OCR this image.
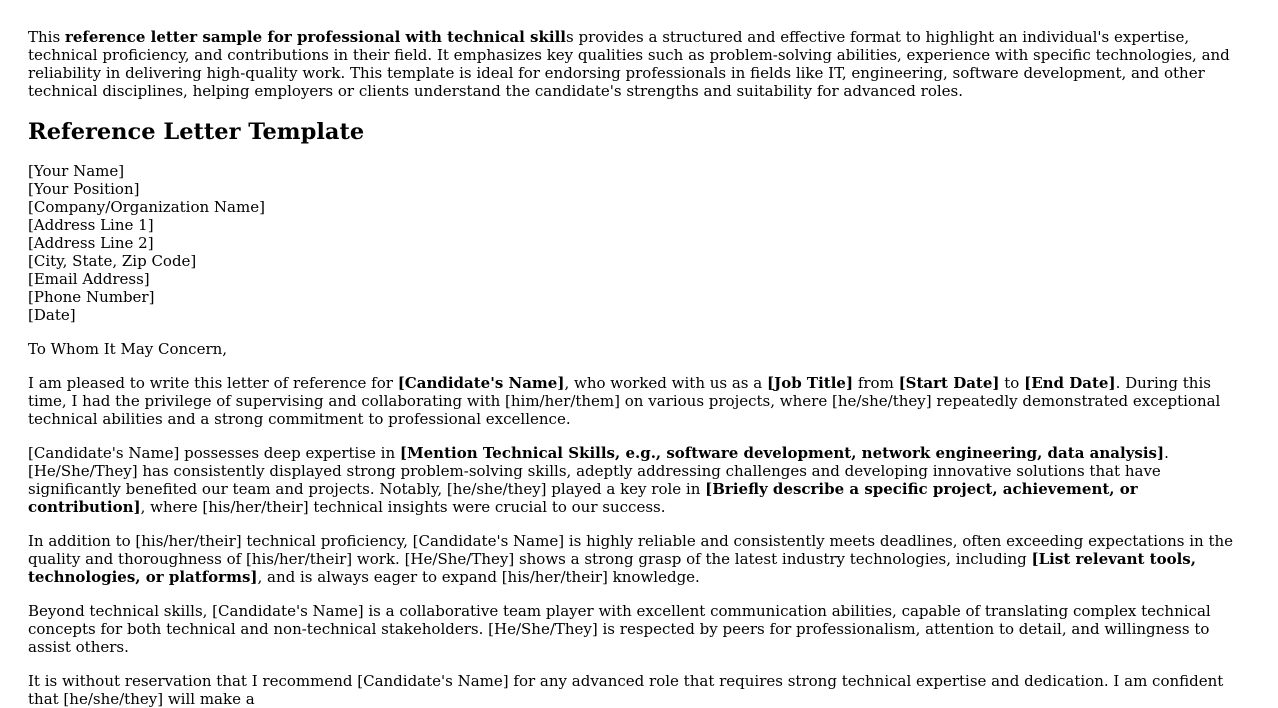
This reference letter sample for professional with technical skills provides a structured and effective format to highlight an individual's expertise, technical proficiency, and contributions in their field. It emphasizes key qualities such as problem-solving abilities, experience with specific technologies, and reliability in delivering high-quality work. This template is ideal for endorsing professionals in fields like IT, engineering, software development, and other technical disciplines, helping employers or clients understand the candidate's strengths and suitability for advanced roles.

Reference Letter Template
[Your Name]
[Your Position]
[Company/Organization Name]
[Address Line 1]
[Address Line 2]
[City, State, Zip Code]
[Email Address]
[Phone Number]
[Date]

To Whom It May Concern,

I am pleased to write this letter of reference for [Candidate's Name], who worked with us as a [Job Title] from [Start Date] to [End Date]. During this time, I had the privilege of supervising and collaborating with [him/her/them] on various projects, where [he/she/they] repeatedly demonstrated exceptional technical abilities and a strong commitment to professional excellence.

[Candidate's Name] possesses deep expertise in [Mention Technical Skills, e.g., software development, network engineering, data analysis]. [He/She/They] has consistently displayed strong problem-solving skills, adeptly addressing challenges and developing innovative solutions that have significantly benefited our team and projects. Notably, [he/she/they] played a key role in [Briefly describe a specific project, achievement, or contribution], where [his/her/their] technical insights were crucial to our success.

In addition to [his/her/their] technical proficiency, [Candidate's Name] is highly reliable and consistently meets deadlines, often exceeding expectations in the quality and thoroughness of [his/her/their] work. [He/She/They] shows a strong grasp of the latest industry technologies, including [List relevant tools, technologies, or platforms], and is always eager to expand [his/her/their] knowledge.

Beyond technical skills, [Candidate's Name] is a collaborative team player with excellent communication abilities, capable of translating complex technical concepts for both technical and non-technical stakeholders. [He/She/They] is respected by peers for professionalism, attention to detail, and willingness to assist others.

It is without reservation that I recommend [Candidate's Name] for any advanced role that requires strong technical expertise and dedication. I am confident that [he/she/they] will make a
